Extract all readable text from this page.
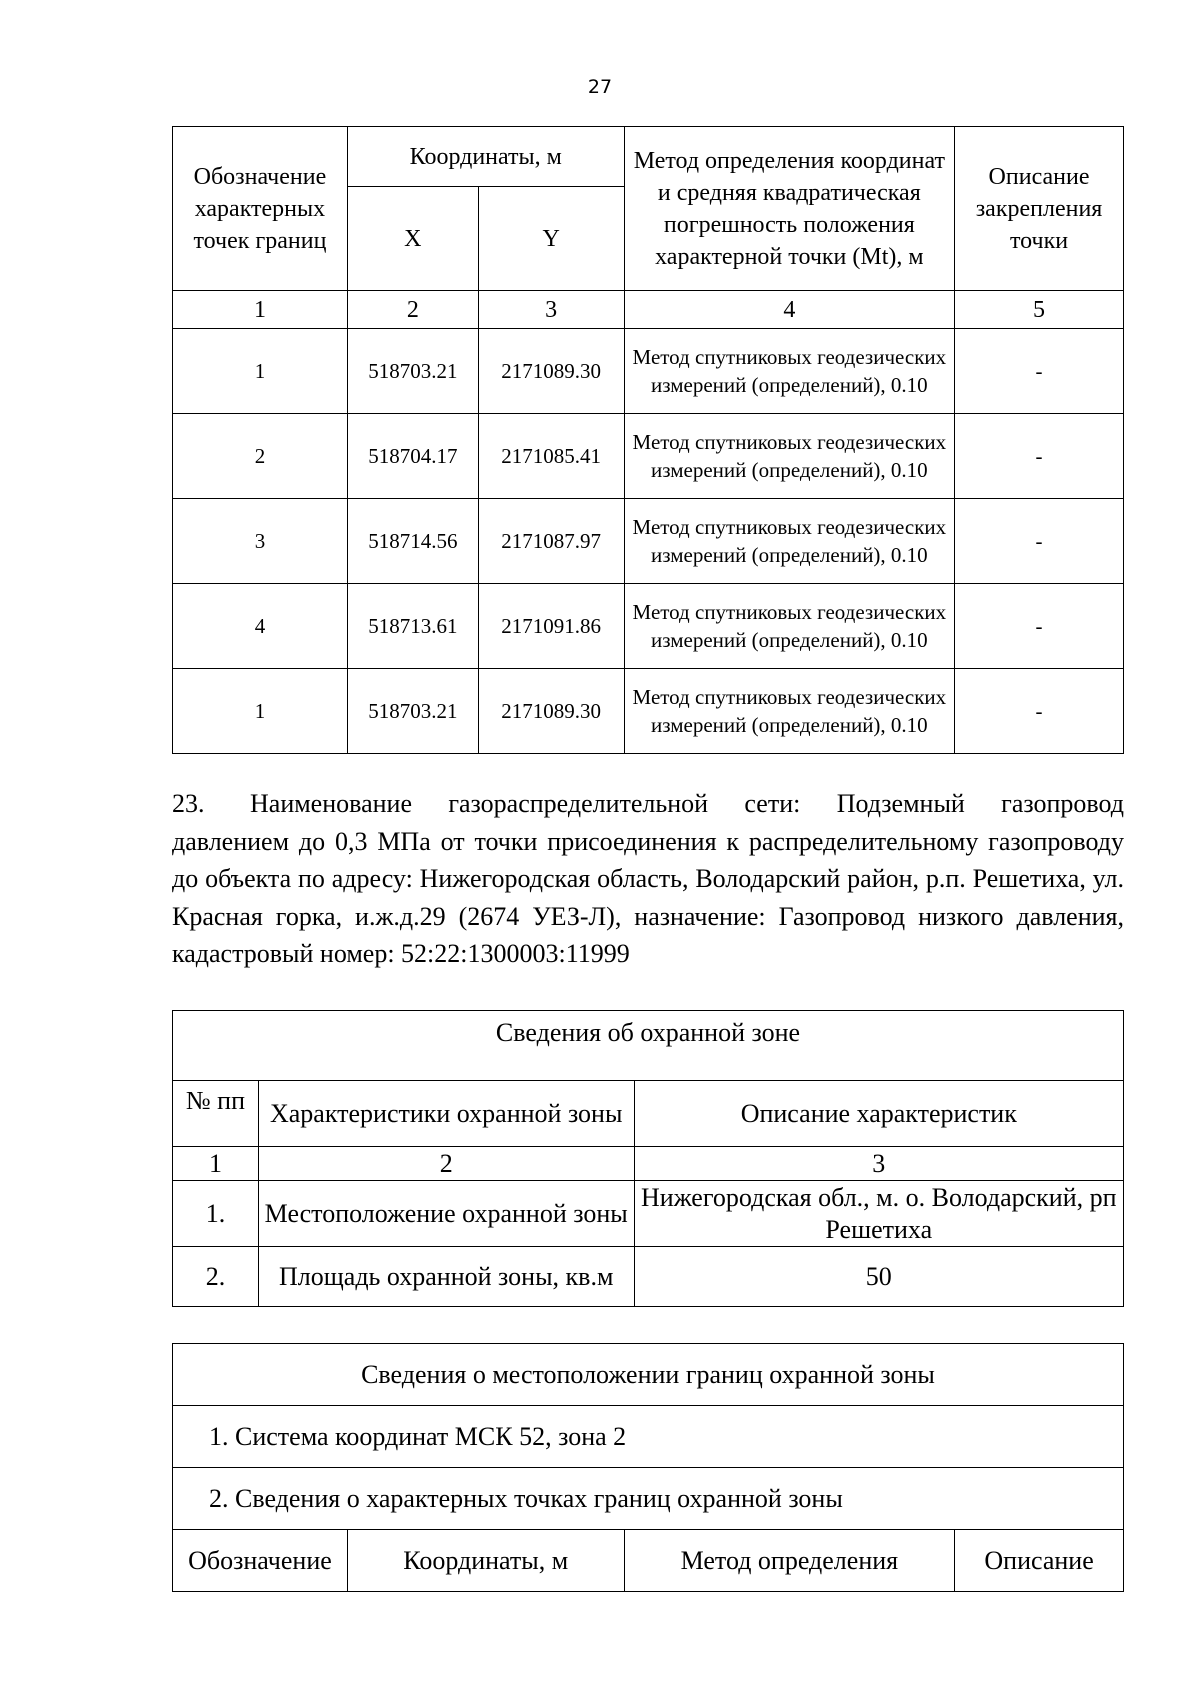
27
Обозначение характерных точек границ	Координаты, м		Метод определения координат и средняя квадратическая погрешность положения характерной точки (Mt), м	Описание закрепления точки
	X	Y		
1	2	3	4	5
1	518703.21	2171089.30	Метод спутниковых геодезических измерений (определений), 0.10	-
2	518704.17	2171085.41	Метод спутниковых геодезических измерений (определений), 0.10	-
3	518714.56	2171087.97	Метод спутниковых геодезических измерений (определений), 0.10	-
4	518713.61	2171091.86	Метод спутниковых геодезических измерений (определений), 0.10	-
1	518703.21	2171089.30	Метод спутниковых геодезических измерений (определений), 0.10	-
23. Наименование газораспределительной сети: Подземный газопровод давлением до 0,3 МПа от точки присоединения к распределительному газопроводу до объекта по адресу: Нижегородская область, Володарский район, р.п. Решетиха, ул. Красная горка, и.ж.д.29 (2674 УЕЗ-Л), назначение: Газопровод низкого давления, кадастровый номер: 52:22:1300003:11999
Сведения об охранной зоне		
№ пп	Характеристики охранной зоны	Описание характеристик
1	2	3
1.	Местоположение охранной зоны	Нижегородская обл., м. о. Володарский, рп Решетиха
2.	Площадь охранной зоны, кв.м	50
Сведения о местоположении границ охранной зоны
1. Система координат МСК 52, зона 2
2. Сведения о характерных точках границ охранной зоны
Обозначение	Координаты, м	Метод определения	Описание
